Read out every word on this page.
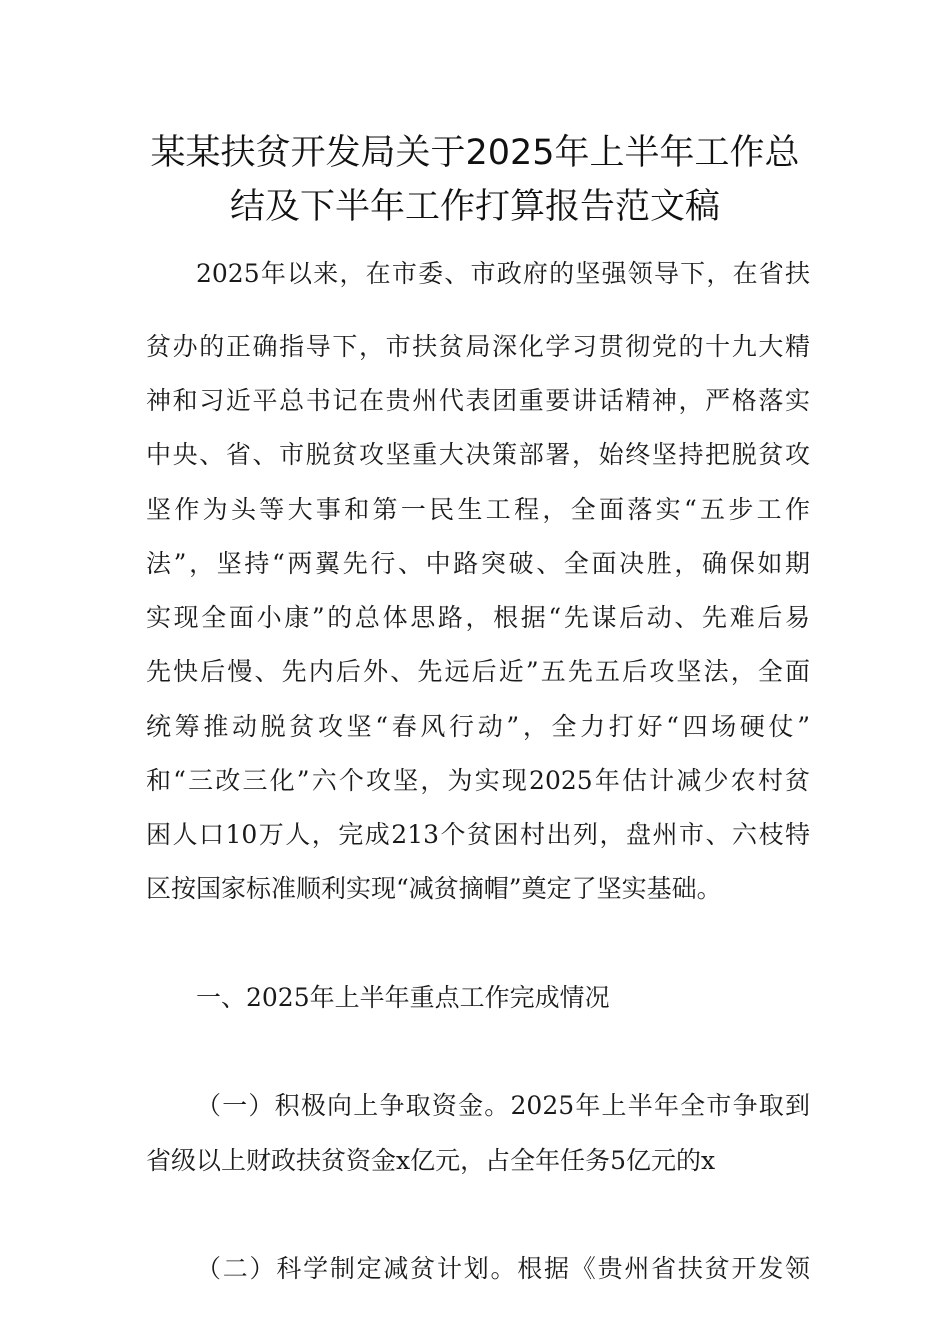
某某扶贫开发局关于2025年上半年工作总
结及下半年工作打算报告范文稿

2025年以来，在市委、市政府的坚强领导下，在省扶

贫办的正确指导下，市扶贫局深化学习贯彻党的十九大精

神和习近平总书记在贵州代表团重要讲话精神，严格落实

中央、省、市脱贫攻坚重大决策部署，始终坚持把脱贫攻

坚作为头等大事和第一民生工程，全面落实“五步工作

法”，坚持“两翼先行、中路突破、全面决胜，确保如期

实现全面小康”的总体思路，根据“先谋后动、先难后易

先快后慢、先内后外、先远后近”五先五后攻坚法，全面

统筹推动脱贫攻坚“春风行动”，全力打好“四场硬仗”

和“三改三化”六个攻坚，为实现2025年估计减少农村贫

困人口10万人，完成213个贫困村出列，盘州市、六枝特

区按国家标准顺利实现“减贫摘帽”奠定了坚实基础。

一、2025年上半年重点工作完成情况

（一）积极向上争取资金。2025年上半年全市争取到

省级以上财政扶贫资金x亿元，占全年任务5亿元的x

（二）科学制定减贫计划。根据《贵州省扶贫开发领
